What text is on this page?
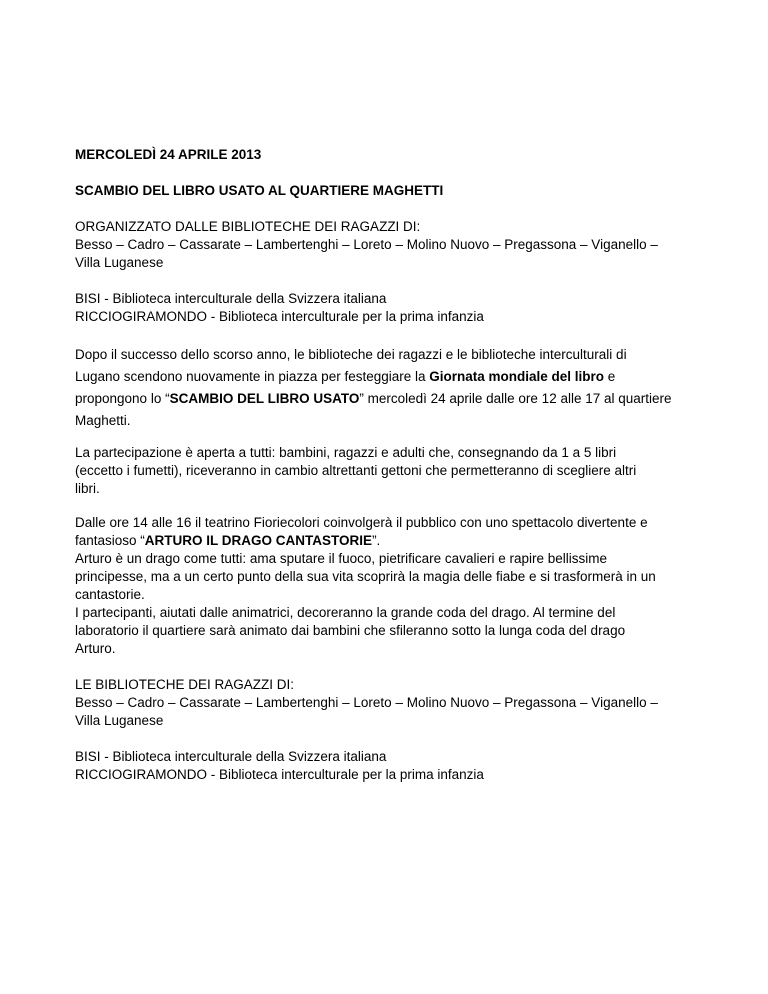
MERCOLEDÌ 24 APRILE 2013
SCAMBIO DEL LIBRO USATO AL QUARTIERE MAGHETTI
ORGANIZZATO DALLE BIBLIOTECHE DEI RAGAZZI DI:
Besso – Cadro – Cassarate – Lambertenghi – Loreto – Molino Nuovo – Pregassona – Viganello –
Villa Luganese
BISI - Biblioteca interculturale della Svizzera italiana
RICCIOGIRAMONDO - Biblioteca interculturale per la prima infanzia
Dopo il successo dello scorso anno, le biblioteche dei ragazzi e le biblioteche interculturali di
Lugano scendono nuovamente in piazza per festeggiare la Giornata mondiale del libro e
propongono lo “SCAMBIO DEL LIBRO USATO” mercoledì 24 aprile dalle ore 12 alle 17 al quartiere
Maghetti.
La partecipazione è aperta a tutti: bambini, ragazzi e adulti che, consegnando da 1 a 5 libri
(eccetto i fumetti), riceveranno in cambio altrettanti gettoni che permetteranno di scegliere altri
libri.
Dalle ore 14 alle 16 il teatrino Fioriecolori coinvolgerà il pubblico con uno spettacolo divertente e
fantasioso “ARTURO IL DRAGO CANTASTORIE”.
Arturo è un drago come tutti: ama sputare il fuoco, pietrificare cavalieri e rapire bellissime
principesse, ma a un certo punto della sua vita scoprirà la magia delle fiabe e si trasformerà in un
cantastorie.
I partecipanti, aiutati dalle animatrici, decoreranno la grande coda del drago. Al termine del
laboratorio il quartiere sarà animato dai bambini che sfileranno sotto la lunga coda del drago
Arturo.
LE BIBLIOTECHE DEI RAGAZZI DI:
Besso – Cadro – Cassarate – Lambertenghi – Loreto – Molino Nuovo – Pregassona – Viganello –
Villa Luganese
BISI - Biblioteca interculturale della Svizzera italiana
RICCIOGIRAMONDO - Biblioteca interculturale per la prima infanzia
